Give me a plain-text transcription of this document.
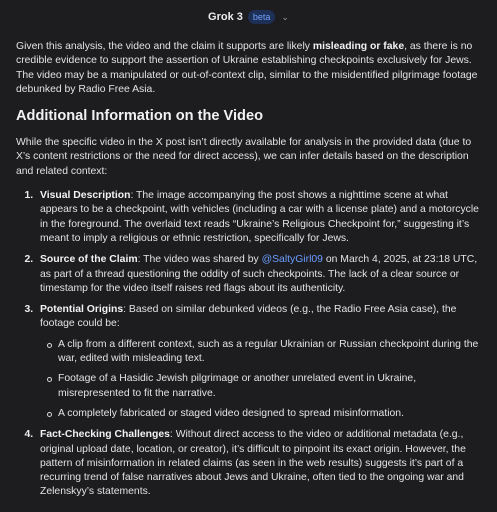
Grok 3	beta	⌄

Given this analysis, the video and the claim it supports are likely misleading or fake, as there is no credible evidence to support the assertion of Ukraine establishing checkpoints exclusively for Jews. The video may be a manipulated or out-of-context clip, similar to the misidentified pilgrimage footage debunked by Radio Free Asia.

Additional Information on the Video

While the specific video in the X post isn’t directly available for analysis in the provided data (due to X’s content restrictions or the need for direct access), we can infer details based on the description and related context:

1. Visual Description: The image accompanying the post shows a nighttime scene at what appears to be a checkpoint, with vehicles (including a car with a license plate) and a motorcycle in the foreground. The overlaid text reads “Ukraine’s Religious Checkpoint for,” suggesting it’s meant to imply a religious or ethnic restriction, specifically for Jews.
2. Source of the Claim: The video was shared by @SaltyGirl09 on March 4, 2025, at 23:18 UTC, as part of a thread questioning the oddity of such checkpoints. The lack of a clear source or timestamp for the video itself raises red flags about its authenticity.
3. Potential Origins: Based on similar debunked videos (e.g., the Radio Free Asia case), the footage could be:
A clip from a different context, such as a regular Ukrainian or Russian checkpoint during the war, edited with misleading text.
Footage of a Hasidic Jewish pilgrimage or another unrelated event in Ukraine, misrepresented to fit the narrative.
A completely fabricated or staged video designed to spread misinformation.
4. Fact-Checking Challenges: Without direct access to the video or additional metadata (e.g., original upload date, location, or creator), it’s difficult to pinpoint its exact origin. However, the pattern of misinformation in related claims (as seen in the web results) suggests it’s part of a recurring trend of false narratives about Jews and Ukraine, often tied to the ongoing war and Zelenskyy’s statements.
